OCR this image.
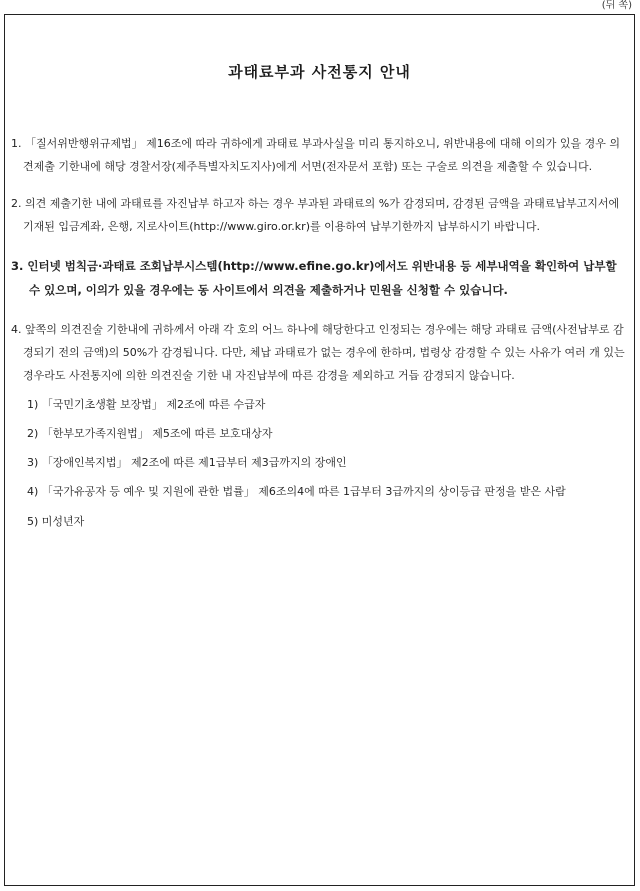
(뒤 쪽)
과태료부과 사전통지 안내

1. 「질서위반행위규제법」 제16조에 따라 귀하에게 과태료 부과사실을 미리 통지하오니, 위반내용에 대해 이의가 있을 경우 의견제출 기한내에 해당 경찰서장(제주특별자치도지사)에게 서면(전자문서 포함) 또는 구술로 의견을 제출할 수 있습니다.

2. 의견 제출기한 내에 과태료를 자진납부 하고자 하는 경우 부과된 과태료의 %가 감경되며, 감경된 금액을 과태료납부고지서에 기재된 입금계좌, 은행, 지로사이트(http://www.giro.or.kr)를 이용하여 납부기한까지 납부하시기 바랍니다.

3. 인터넷 범칙금·과태료 조회납부시스템(http://www.efine.go.kr)에서도 위반내용 등 세부내역을 확인하여 납부할 수 있으며, 이의가 있을 경우에는 동 사이트에서 의견을 제출하거나 민원을 신청할 수 있습니다.

4. 앞쪽의 의견진술 기한내에 귀하께서 아래 각 호의 어느 하나에 해당한다고 인정되는 경우에는 해당 과태료 금액(사전납부로 감경되기 전의 금액)의 50%가 감경됩니다. 다만, 체납 과태료가 없는 경우에 한하며, 법령상 감경할 수 있는 사유가 여러 개 있는 경우라도 사전통지에 의한 의견진술 기한 내 자진납부에 따른 감경을 제외하고 거듭 감경되지 않습니다.

1) 「국민기초생활 보장법」 제2조에 따른 수급자

2) 「한부모가족지원법」 제5조에 따른 보호대상자

3) 「장애인복지법」 제2조에 따른 제1급부터 제3급까지의 장애인

4) 「국가유공자 등 예우 및 지원에 관한 법률」 제6조의4에 따른 1급부터 3급까지의 상이등급 판정을 받은 사람

5) 미성년자
